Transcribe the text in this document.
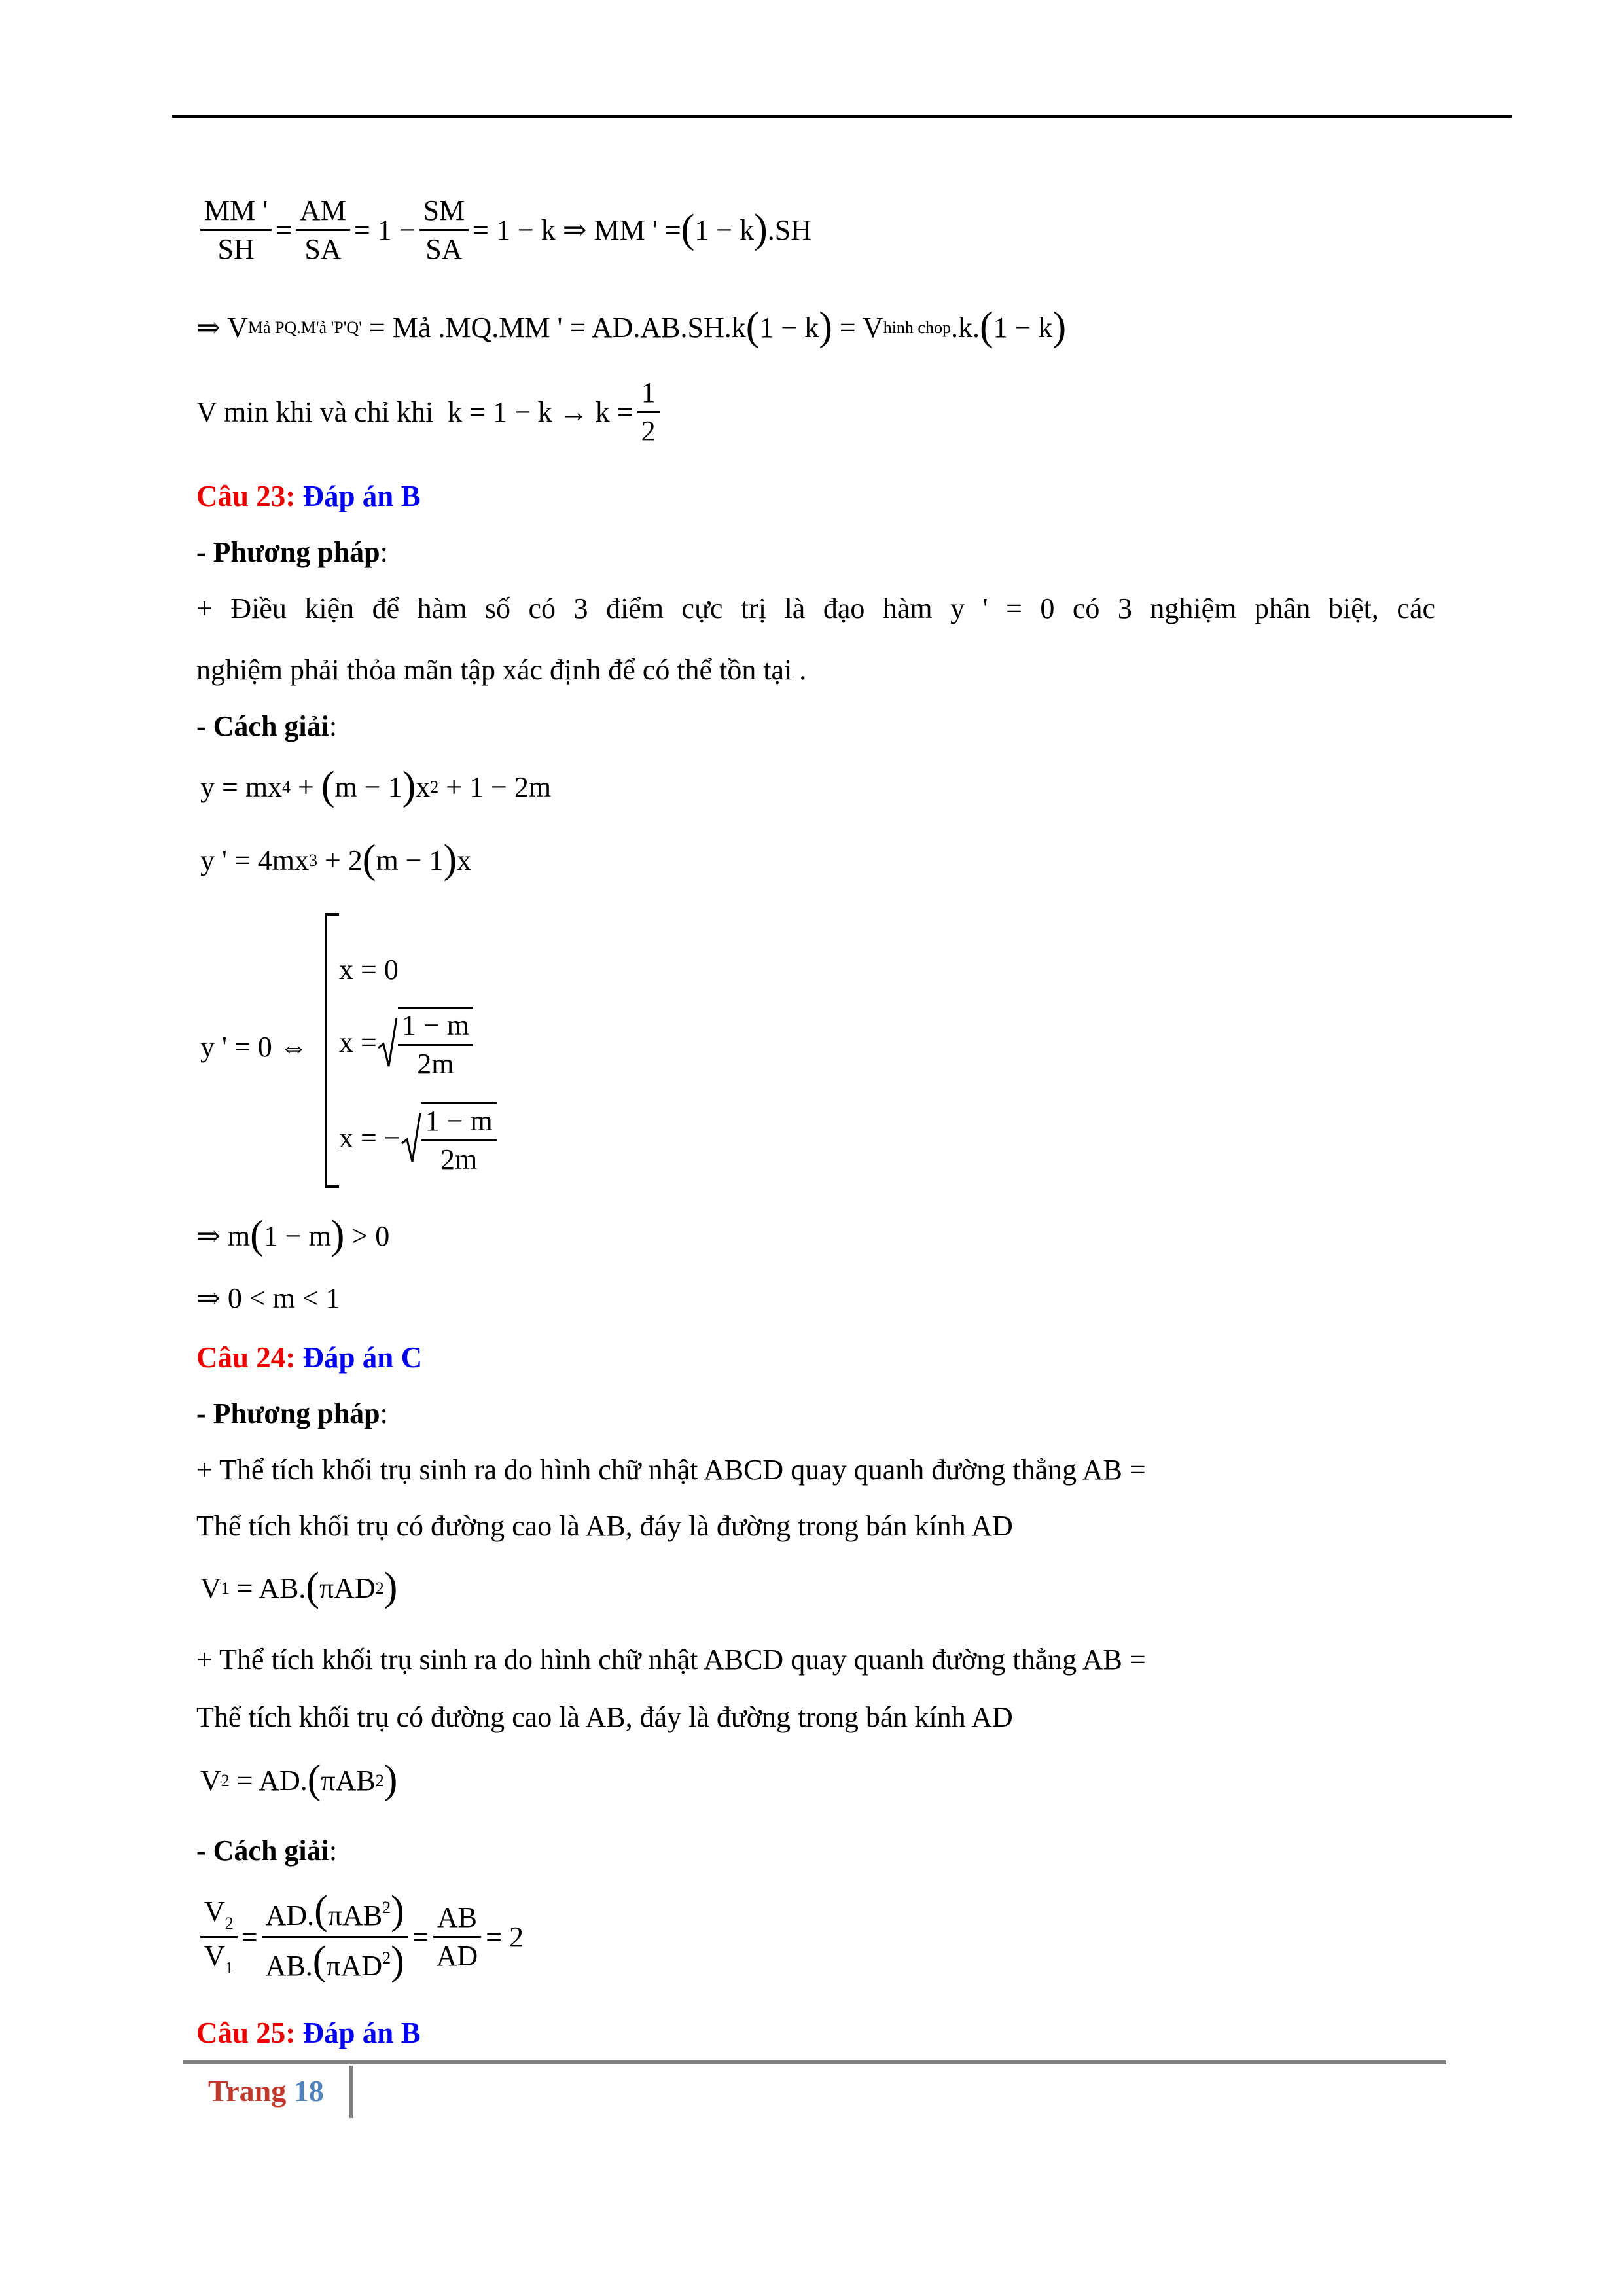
$\frac{MM '}{SH} = \frac{AM}{SA} = 1 - \frac{SM}{SA} = 1 - k$ ⇒ MM ' = ( 1 − k ) .SH
⇒ V Mả PQ.M'ả 'P'Q' = Mả .MQ.MM ' = AD.AB.SH.k ( 1 − k ) = V hinh chop .k. ( 1 − k )
V min khi và chỉ khi  $k = 1 - k \to k = \frac{1}{2}$
Câu 23: Đáp án B
- Phương pháp:
+ Điều kiện để hàm số có 3 điểm cực trị là đạo hàm y ' = 0 có 3 nghiệm phân biệt, các
nghiệm phải thỏa mãn tập xác định để có thể tồn tại .
- Cách giải:
y = mx 4 + ( m − 1 ) x 2 + 1 − 2m
y ' = 4mx 3 + 2 ( m − 1 ) x
y ' = 0 ⇔
x = 0
$x = \frac{1 - m}{2m}$
x = − $\frac{1 - m}{2m}$
⇒ m ( 1 − m ) > 0
⇒ 0 < m < 1
Câu 24: Đáp án C
- Phương pháp:
+ Thể tích khối trụ sinh ra do hình chữ nhật ABCD quay quanh đường thẳng AB =
Thể tích khối trụ có đường cao là AB, đáy là đường trong bán kính AD
V 1 = AB. ( πAD 2 )
+ Thể tích khối trụ sinh ra do hình chữ nhật ABCD quay quanh đường thẳng AB =
Thể tích khối trụ có đường cao là AB, đáy là đường trong bán kính AD
V 2 = AD. ( πAB 2 )
- Cách giải:
$\frac{V_2}{V_1} = \frac{AD.(\pi AB^2)}{AB.(\pi AD^2)} = \frac{AB}{AD} = 2$
Câu 25: Đáp án B
Trang 18
